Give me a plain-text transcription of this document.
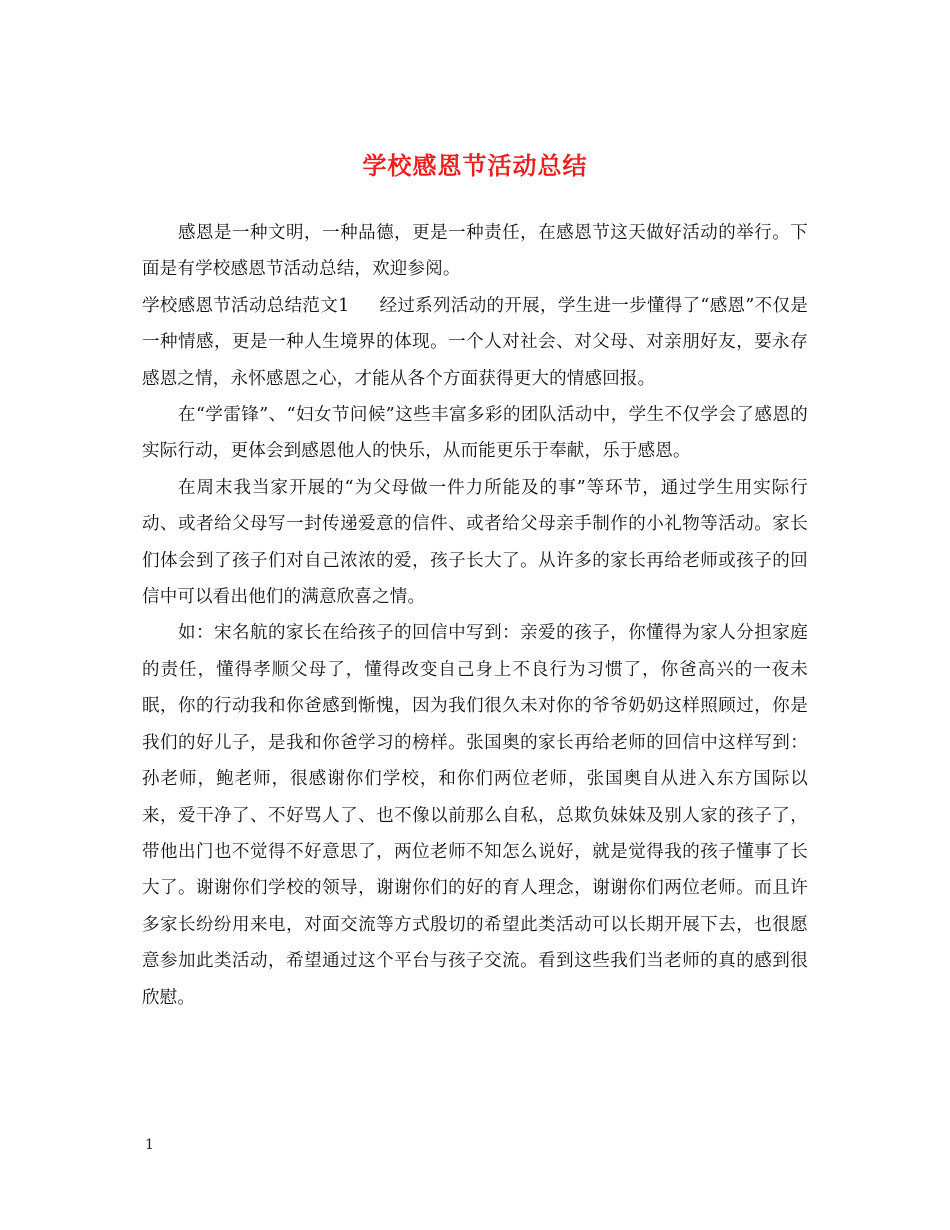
学校感恩节活动总结

感恩是一种文明，一种品德，更是一种责任，在感恩节这天做好活动的举行。下面是有学校感恩节活动总结，欢迎参阅。

学校感恩节活动总结范文1 经过系列活动的开展，学生进一步懂得了“感恩”不仅是一种情感，更是一种人生境界的体现。一个人对社会、对父母、对亲朋好友，要永存感恩之情，永怀感恩之心，才能从各个方面获得更大的情感回报。

在“学雷锋”、“妇女节问候”这些丰富多彩的团队活动中，学生不仅学会了感恩的实际行动，更体会到感恩他人的快乐，从而能更乐于奉献，乐于感恩。

在周末我当家开展的“为父母做一件力所能及的事”等环节，通过学生用实际行动、或者给父母写一封传递爱意的信件、或者给父母亲手制作的小礼物等活动。家长们体会到了孩子们对自己浓浓的爱，孩子长大了。从许多的家长再给老师或孩子的回信中可以看出他们的满意欣喜之情。

如：宋名航的家长在给孩子的回信中写到：亲爱的孩子，你懂得为家人分担家庭的责任，懂得孝顺父母了，懂得改变自己身上不良行为习惯了，你爸高兴的一夜未眠，你的行动我和你爸感到惭愧，因为我们很久未对你的爷爷奶奶这样照顾过，你是我们的好儿子，是我和你爸学习的榜样。张国奥的家长再给老师的回信中这样写到：孙老师，鲍老师，很感谢你们学校，和你们两位老师，张国奥自从进入东方国际以来，爱干净了、不好骂人了、也不像以前那么自私，总欺负妹妹及别人家的孩子了，带他出门也不觉得不好意思了，两位老师不知怎么说好，就是觉得我的孩子懂事了长大了。谢谢你们学校的领导，谢谢你们的好的育人理念，谢谢你们两位老师。而且许多家长纷纷用来电，对面交流等方式殷切的希望此类活动可以长期开展下去，也很愿意参加此类活动，希望通过这个平台与孩子交流。看到这些我们当老师的真的感到很欣慰。

1
